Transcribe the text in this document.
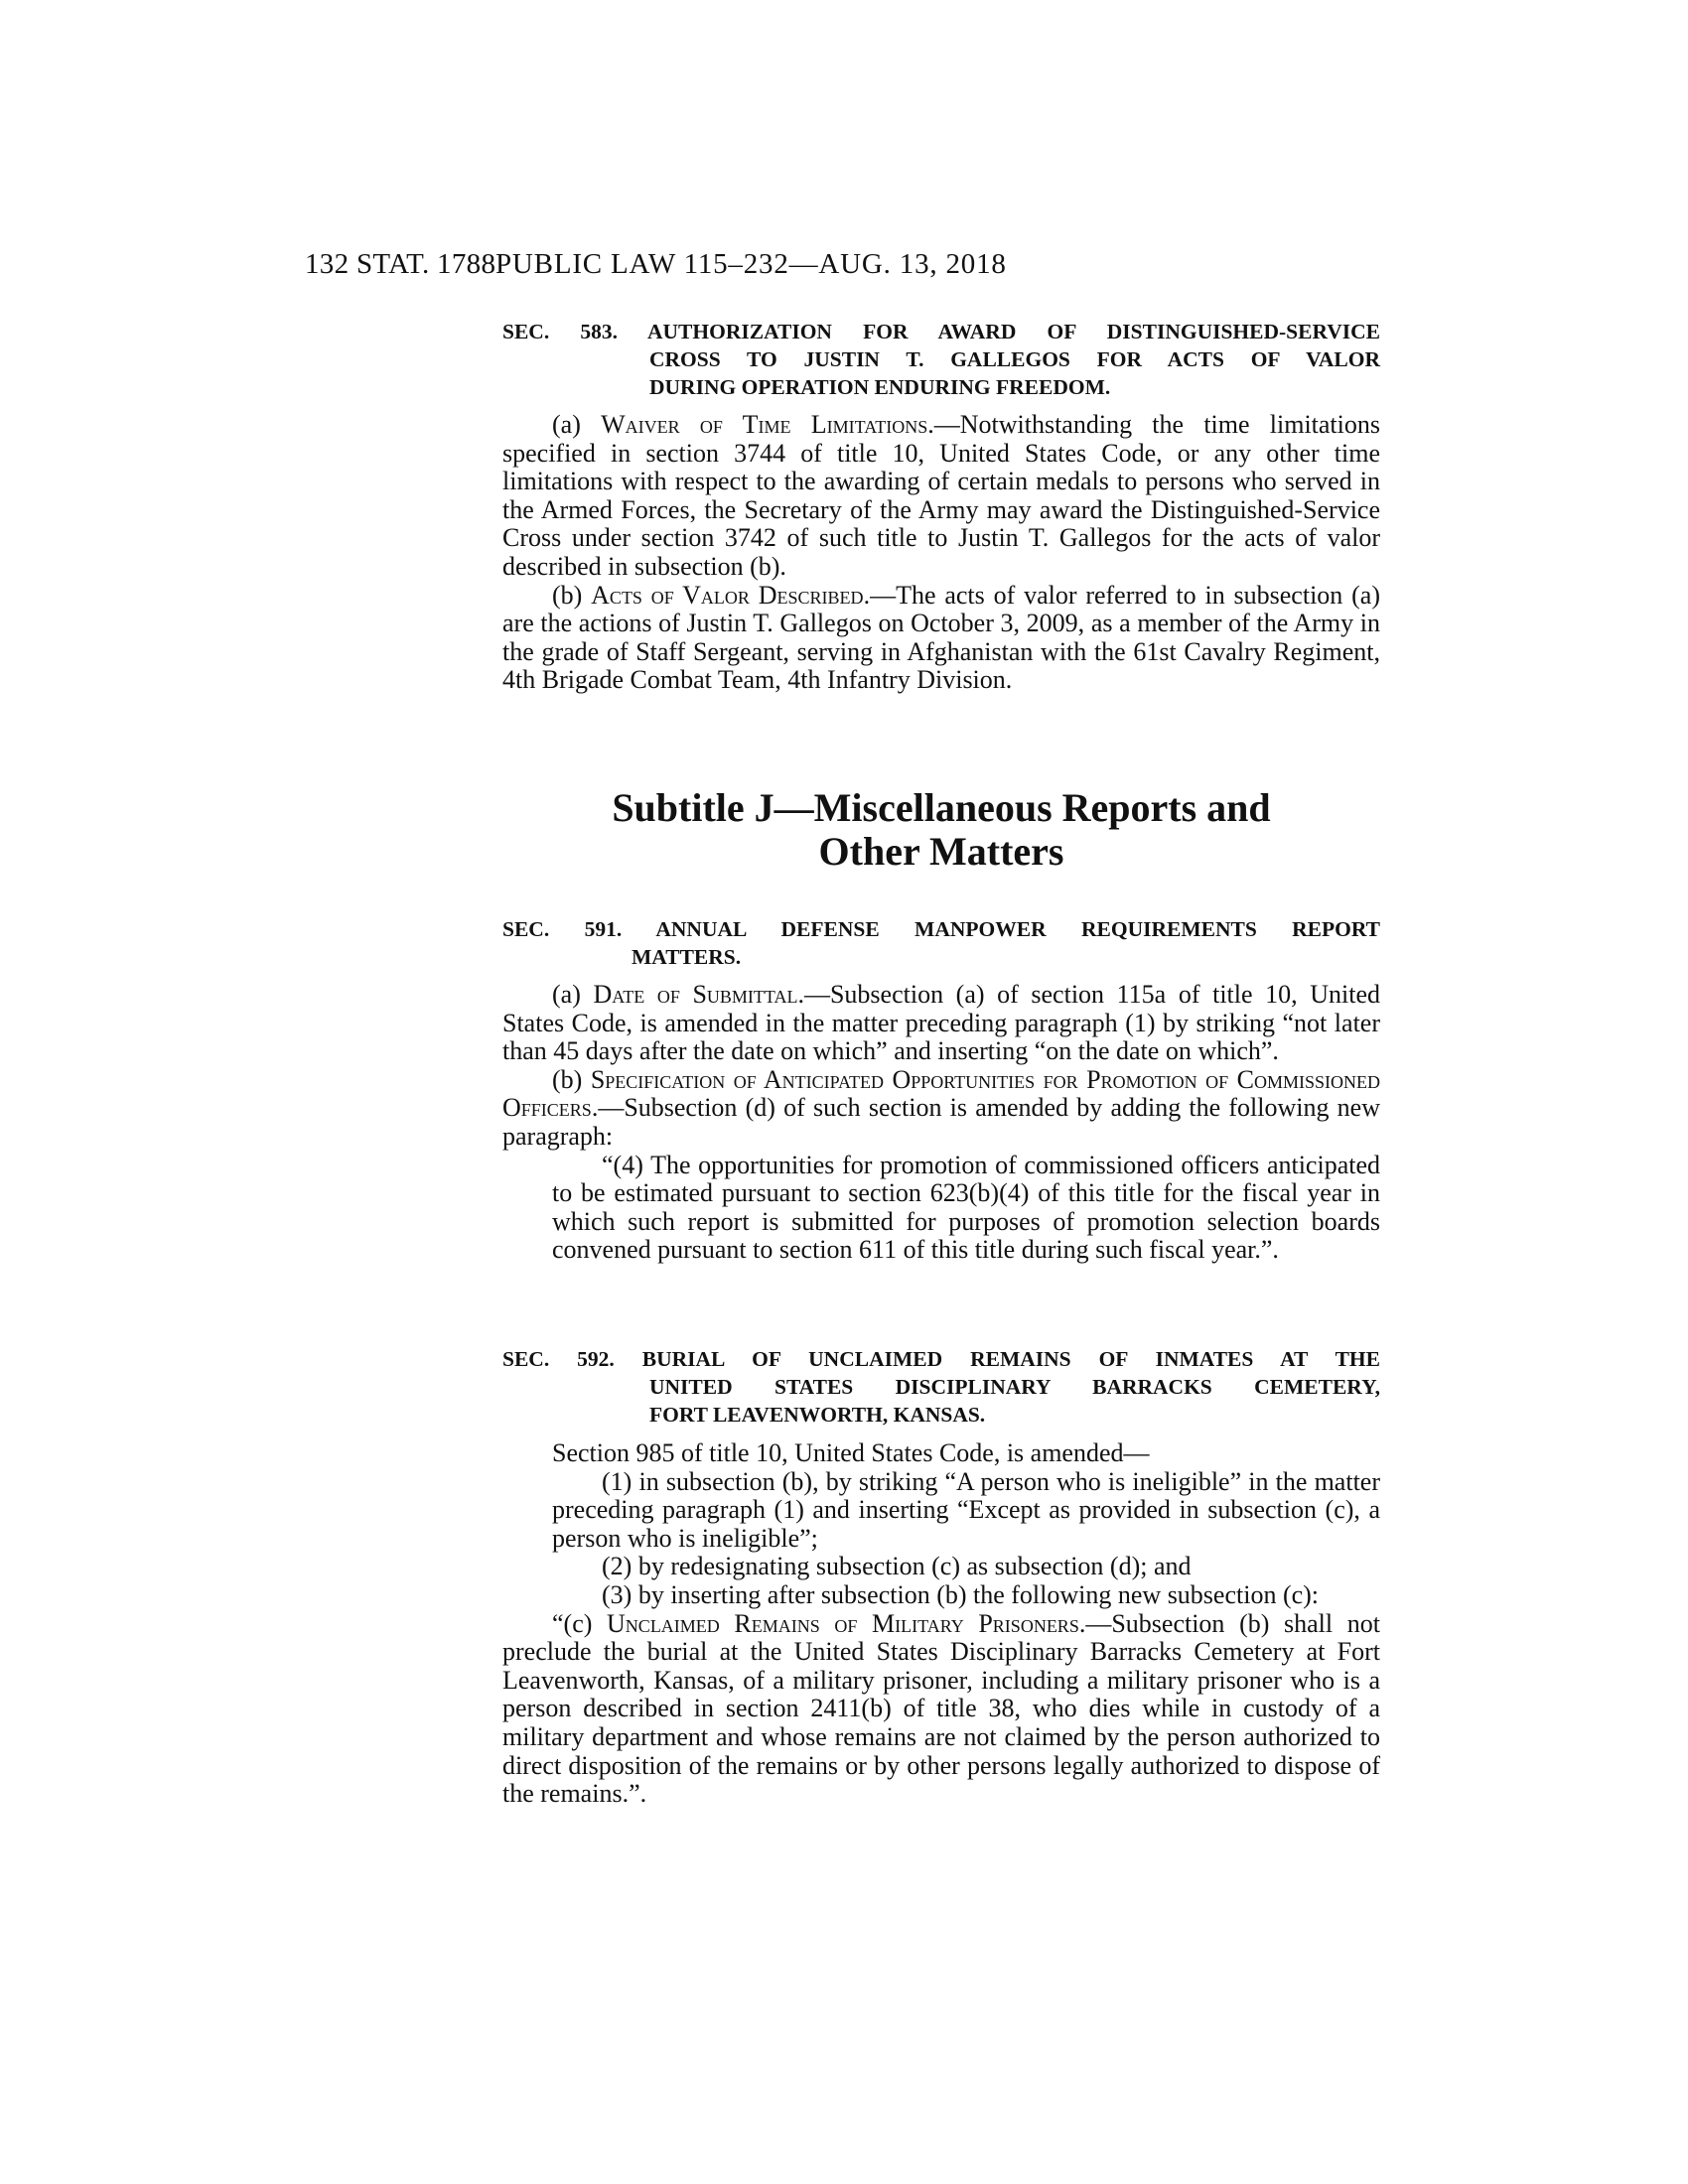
132 STAT. 1788 PUBLIC LAW 115–232—AUG. 13, 2018
SEC. 583. AUTHORIZATION FOR AWARD OF DISTINGUISHED-SERVICE
CROSS TO JUSTIN T. GALLEGOS FOR ACTS OF VALOR
DURING OPERATION ENDURING FREEDOM.

(a) Waiver of Time Limitations.—Notwithstanding the time limitations specified in section 3744 of title 10, United States Code, or any other time limitations with respect to the awarding of certain medals to persons who served in the Armed Forces, the Secretary of the Army may award the Distinguished-Service Cross under section 3742 of such title to Justin T. Gallegos for the acts of valor described in subsection (b).

(b) Acts of Valor Described.—The acts of valor referred to in subsection (a) are the actions of Justin T. Gallegos on October 3, 2009, as a member of the Army in the grade of Staff Sergeant, serving in Afghanistan with the 61st Cavalry Regiment, 4th Brigade Combat Team, 4th Infantry Division.

Subtitle J—Miscellaneous Reports and
Other Matters
SEC. 591. ANNUAL DEFENSE MANPOWER REQUIREMENTS REPORT
MATTERS.

(a) Date of Submittal.—Subsection (a) of section 115a of title 10, United States Code, is amended in the matter preceding paragraph (1) by striking “not later than 45 days after the date on which” and inserting “on the date on which”.

(b) Specification of Anticipated Opportunities for Promotion of Commissioned Officers.—Subsection (d) of such section is amended by adding the following new paragraph:

“(4) The opportunities for promotion of commissioned officers anticipated to be estimated pursuant to section 623(b)(4) of this title for the fiscal year in which such report is submitted for purposes of promotion selection boards convened pursuant to section 611 of this title during such fiscal year.”.

SEC. 592. BURIAL OF UNCLAIMED REMAINS OF INMATES AT THE
UNITED STATES DISCIPLINARY BARRACKS CEMETERY,
FORT LEAVENWORTH, KANSAS.

Section 985 of title 10, United States Code, is amended—

(1) in subsection (b), by striking “A person who is ineligible” in the matter preceding paragraph (1) and inserting “Except as provided in subsection (c), a person who is ineligible”;

(2) by redesignating subsection (c) as subsection (d); and

(3) by inserting after subsection (b) the following new subsection (c):

“(c) Unclaimed Remains of Military Prisoners.—Subsection (b) shall not preclude the burial at the United States Disciplinary Barracks Cemetery at Fort Leavenworth, Kansas, of a military prisoner, including a military prisoner who is a person described in section 2411(b) of title 38, who dies while in custody of a military department and whose remains are not claimed by the person authorized to direct disposition of the remains or by other persons legally authorized to dispose of the remains.”.
